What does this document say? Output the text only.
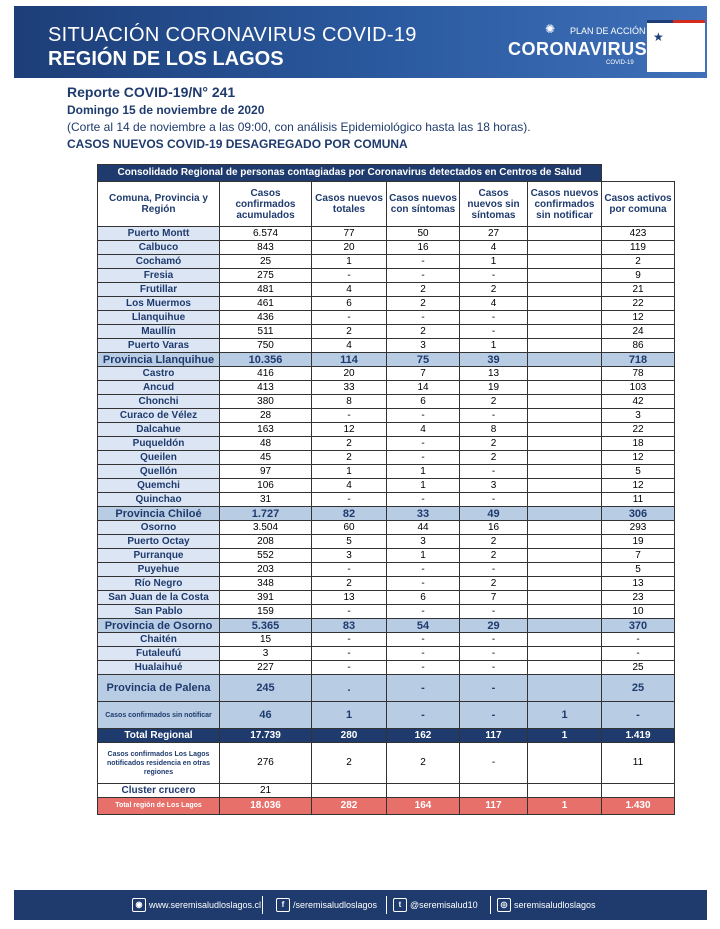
SITUACIÓN CORONAVIRUS COVID-19
REGIÓN DE LOS LAGOS
✺	PLAN DE ACCIÓN
CORONAVIRUS
COVID-19
★
Reporte COVID-19/N° 241
Domingo 15 de noviembre de 2020
(Corte al 14 de noviembre a las 09:00, con análisis Epidemiológico hasta las 18 horas).
CASOS NUEVOS COVID-19 DESAGREGADO POR COMUNA
Consolidado Regional de personas contagiadas por Coronavirus detectados en Centros de Salud						
Comuna, Provincia y Región	Casos confirmados acumulados	Casos nuevos totales	Casos nuevos con síntomas	Casos nuevos sin síntomas	Casos nuevos confirmados sin notificar	Casos activos por comuna
Puerto Montt	6.574	77	50	27		423
Calbuco	843	20	16	4		119
Cochamó	25	1	-	1		2
Fresia	275	-	-	-		9
Frutillar	481	4	2	2		21
Los Muermos	461	6	2	4		22
Llanquihue	436	-	-	-		12
Maullín	511	2	2	-		24
Puerto Varas	750	4	3	1		86
Provincia Llanquihue	10.356	114	75	39		718
Castro	416	20	7	13		78
Ancud	413	33	14	19		103
Chonchi	380	8	6	2		42
Curaco de Vélez	28	-	-	-		3
Dalcahue	163	12	4	8		22
Puqueldón	48	2	-	2		18
Queilen	45	2	-	2		12
Quellón	97	1	1	-		5
Quemchi	106	4	1	3		12
Quinchao	31	-	-	-		11
Provincia Chiloé	1.727	82	33	49		306
Osorno	3.504	60	44	16		293
Puerto Octay	208	5	3	2		19
Purranque	552	3	1	2		7
Puyehue	203	-	-	-		5
Río Negro	348	2	-	2		13
San Juan de la Costa	391	13	6	7		23
San Pablo	159	-	-	-		10
Provincia de Osorno	5.365	83	54	29		370
Chaitén	15	-	-	-		-
Futaleufú	3	-	-	-		-
Hualaihué	227	-	-	-		25
Provincia de Palena	245	.	-	-		25
Casos confirmados sin notificar	46	1	-	-	1	-
Total Regional	17.739	280	162	117	1	1.419
Casos confirmados Los Lagos notificados residencia en otras regiones	276	2	2	-		11
Cluster crucero	21					
Total región de Los Lagos	18.036	282	164	117	1	1.430
◉ www.seremisaludloslagos.cl	f /seremisaludloslagos	t @seremisalud10	◎ seremisaludloslagos
